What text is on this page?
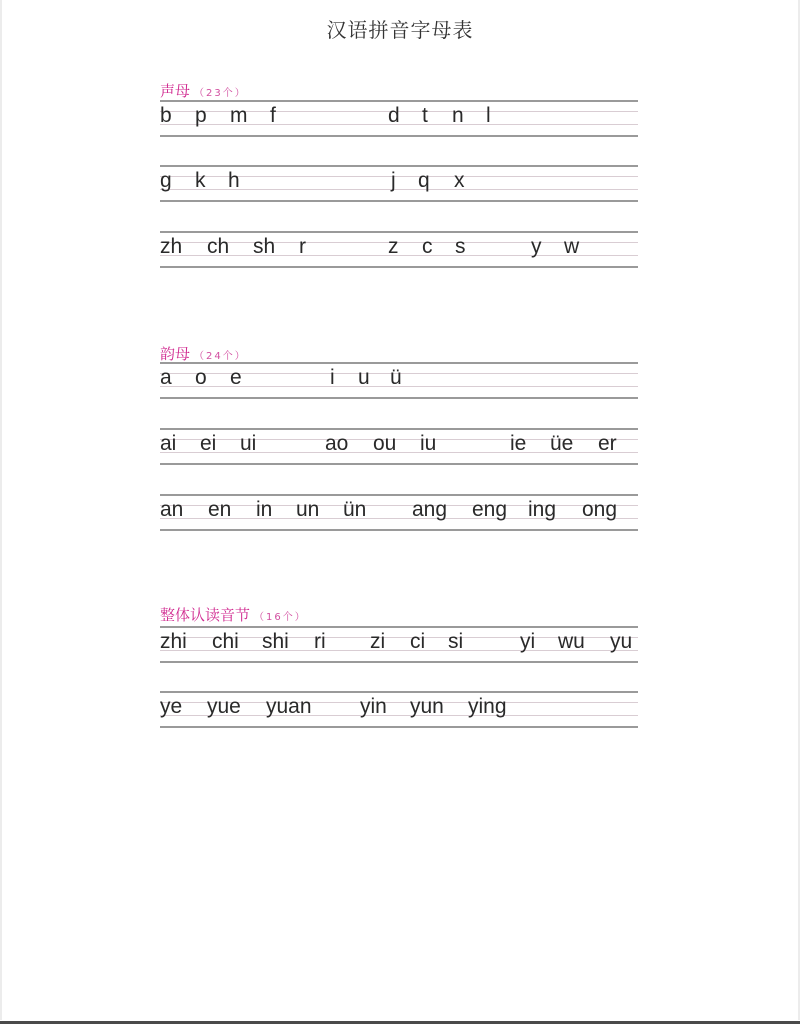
汉语拼音字母表
声母 （23个）
b p m f	d t n l
g k h	j q x
zh ch sh r	z c s	y w
韵母 （24个）
a o e	i u ü
ai ei ui	ao ou iu	ie üe er
an en in un ün ang eng ing ong
整体认读音节 （16个）
zhi chi shi ri zi ci si	yi wu yu
ye yue yuan yin yun ying
